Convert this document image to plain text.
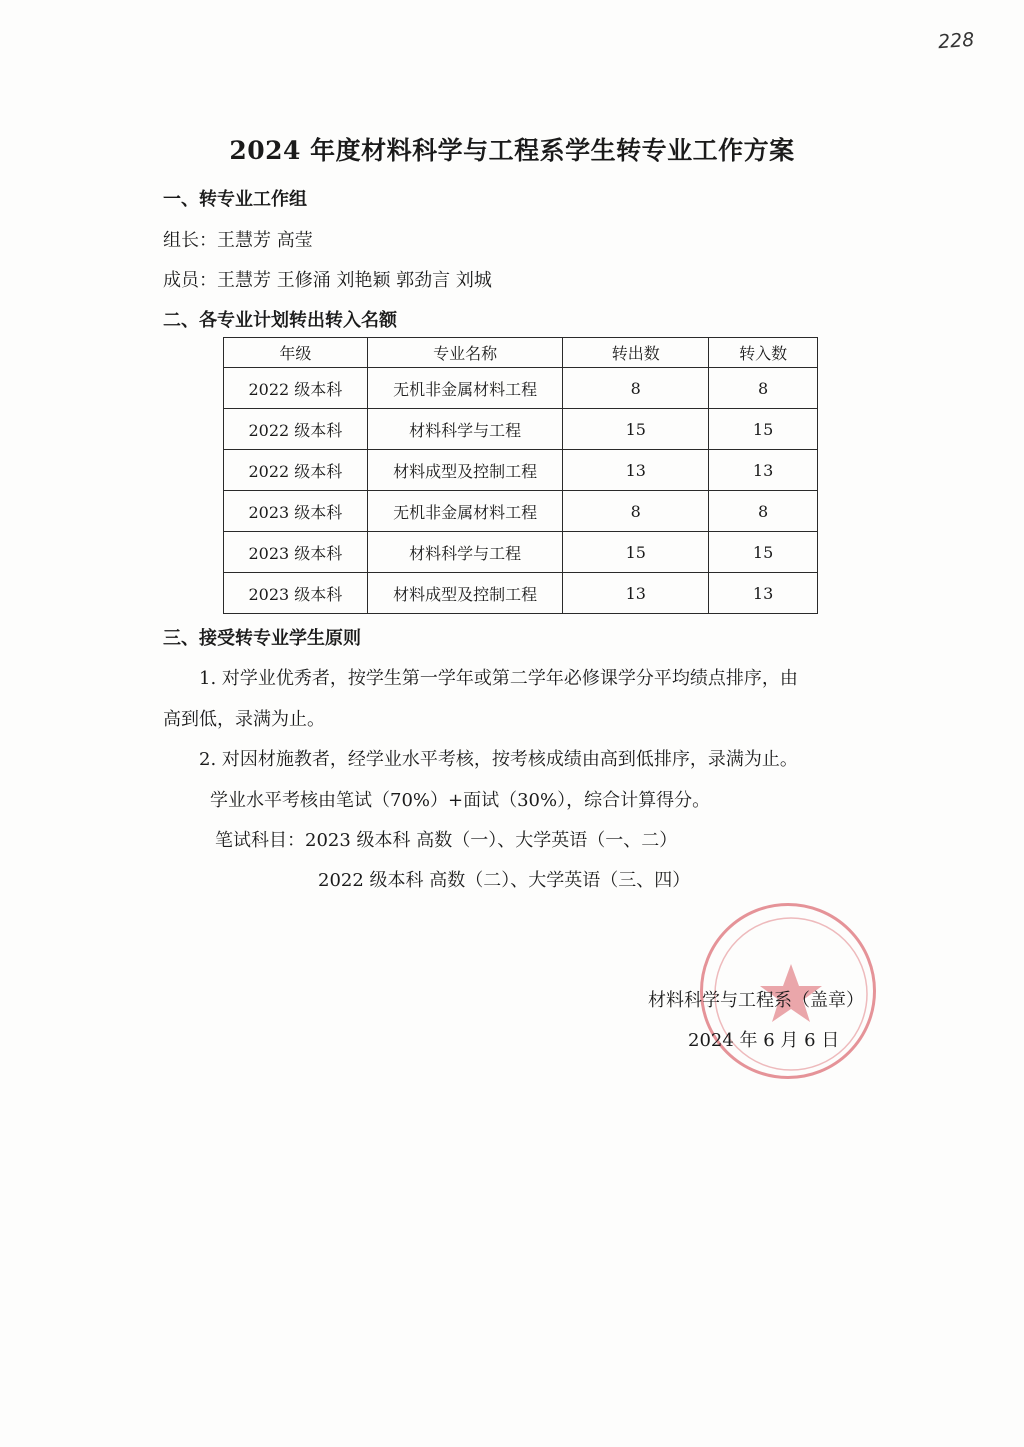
228
2024 年度材料科学与工程系学生转专业工作方案
一、转专业工作组
组长：王慧芳 高莹
成员：王慧芳 王修涌 刘艳颖 郭劲言 刘城
二、各专业计划转出转入名额
年级	专业名称	转出数	转入数
2022 级本科	无机非金属材料工程	8	8
2022 级本科	材料科学与工程	15	15
2022 级本科	材料成型及控制工程	13	13
2023 级本科	无机非金属材料工程	8	8
2023 级本科	材料科学与工程	15	15
2023 级本科	材料成型及控制工程	13	13
三、接受转专业学生原则
1. 对学业优秀者，按学生第一学年或第二学年必修课学分平均绩点排序，由
高到低，录满为止。
2. 对因材施教者，经学业水平考核，按考核成绩由高到低排序，录满为止。
学业水平考核由笔试（70%）+面试（30%），综合计算得分。
笔试科目：2023 级本科 高数（一）、大学英语（一、二）
2022 级本科 高数（二）、大学英语（三、四）
材料科学与工程系（盖章）
2024 年 6 月 6 日
